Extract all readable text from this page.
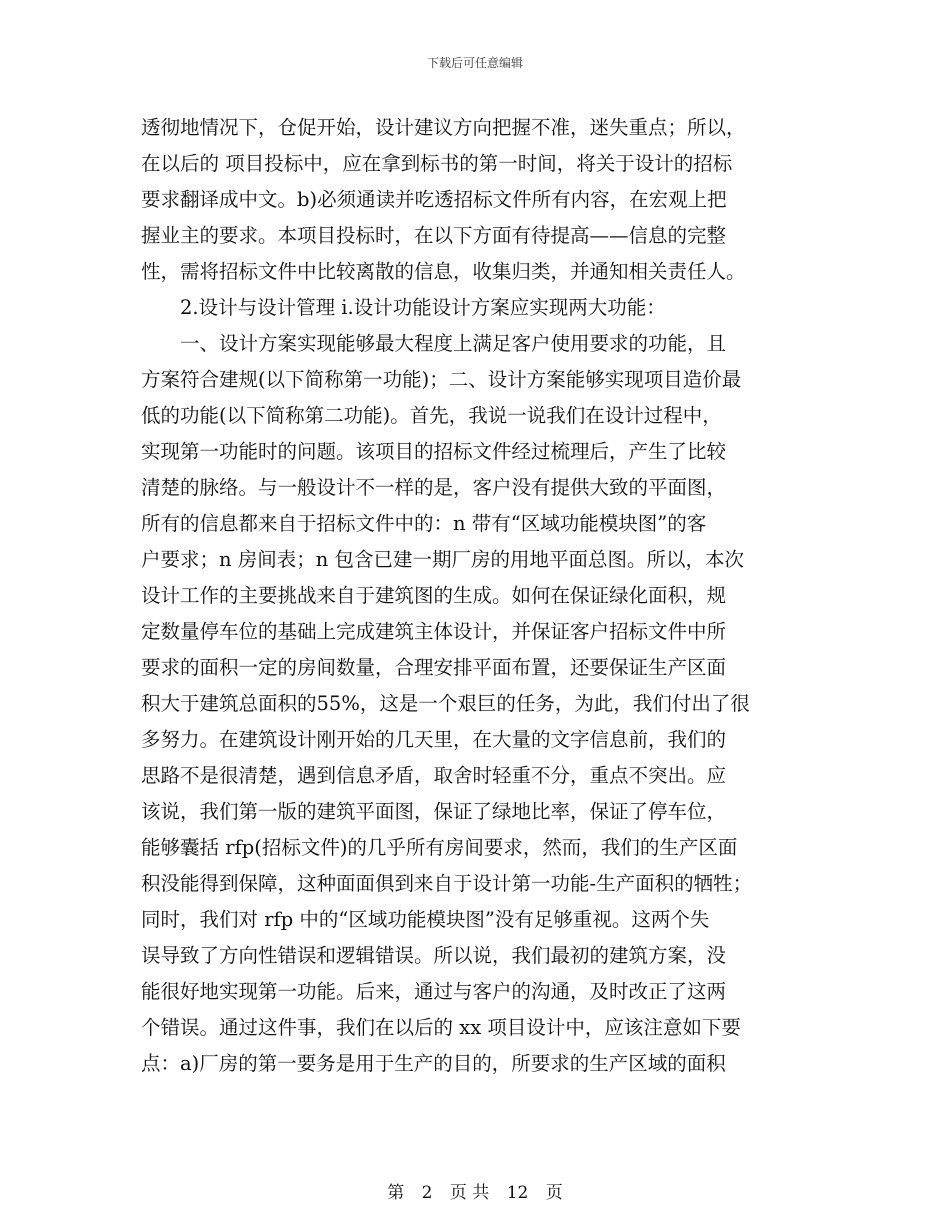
下载后可任意编辑
透彻地情况下，仓促开始，设计建议方向把握不准，迷失重点；所以，
在以后的 项目投标中，应在拿到标书的第一时间，将关于设计的招标
要求翻译成中文。b)必须通读并吃透招标文件所有内容，在宏观上把
握业主的要求。本项目投标时，在以下方面有待提高——信息的完整
性，需将招标文件中比较离散的信息，收集归类，并通知相关责任人。
　　2.设计与设计管理 i.设计功能设计方案应实现两大功能：
　　一、设计方案实现能够最大程度上满足客户使用要求的功能，且
方案符合建规(以下简称第一功能)；二、设计方案能够实现项目造价最
低的功能(以下简称第二功能)。首先，我说一说我们在设计过程中，
实现第一功能时的问题。该项目的招标文件经过梳理后，产生了比较
清楚的脉络。与一般设计不一样的是，客户没有提供大致的平面图，
所有的信息都来自于招标文件中的：n 带有“区域功能模块图”的客
户要求；n 房间表；n 包含已建一期厂房的用地平面总图。所以，本次
设计工作的主要挑战来自于建筑图的生成。如何在保证绿化面积，规
定数量停车位的基础上完成建筑主体设计，并保证客户招标文件中所
要求的面积一定的房间数量，合理安排平面布置，还要保证生产区面
积大于建筑总面积的55%，这是一个艰巨的任务，为此，我们付出了很
多努力。在建筑设计刚开始的几天里，在大量的文字信息前，我们的
思路不是很清楚，遇到信息矛盾，取舍时轻重不分，重点不突出。应
该说，我们第一版的建筑平面图，保证了绿地比率，保证了停车位，
能够囊括 rfp(招标文件)的几乎所有房间要求，然而，我们的生产区面
积没能得到保障，这种面面俱到来自于设计第一功能-生产面积的牺牲；
同时，我们对 rfp 中的“区域功能模块图”没有足够重视。这两个失
误导致了方向性错误和逻辑错误。所以说，我们最初的建筑方案，没
能很好地实现第一功能。后来，通过与客户的沟通，及时改正了这两
个错误。通过这件事，我们在以后的 xx 项目设计中，应该注意如下要
点：a)厂房的第一要务是用于生产的目的，所要求的生产区域的面积
第 2 页 共 12 页
